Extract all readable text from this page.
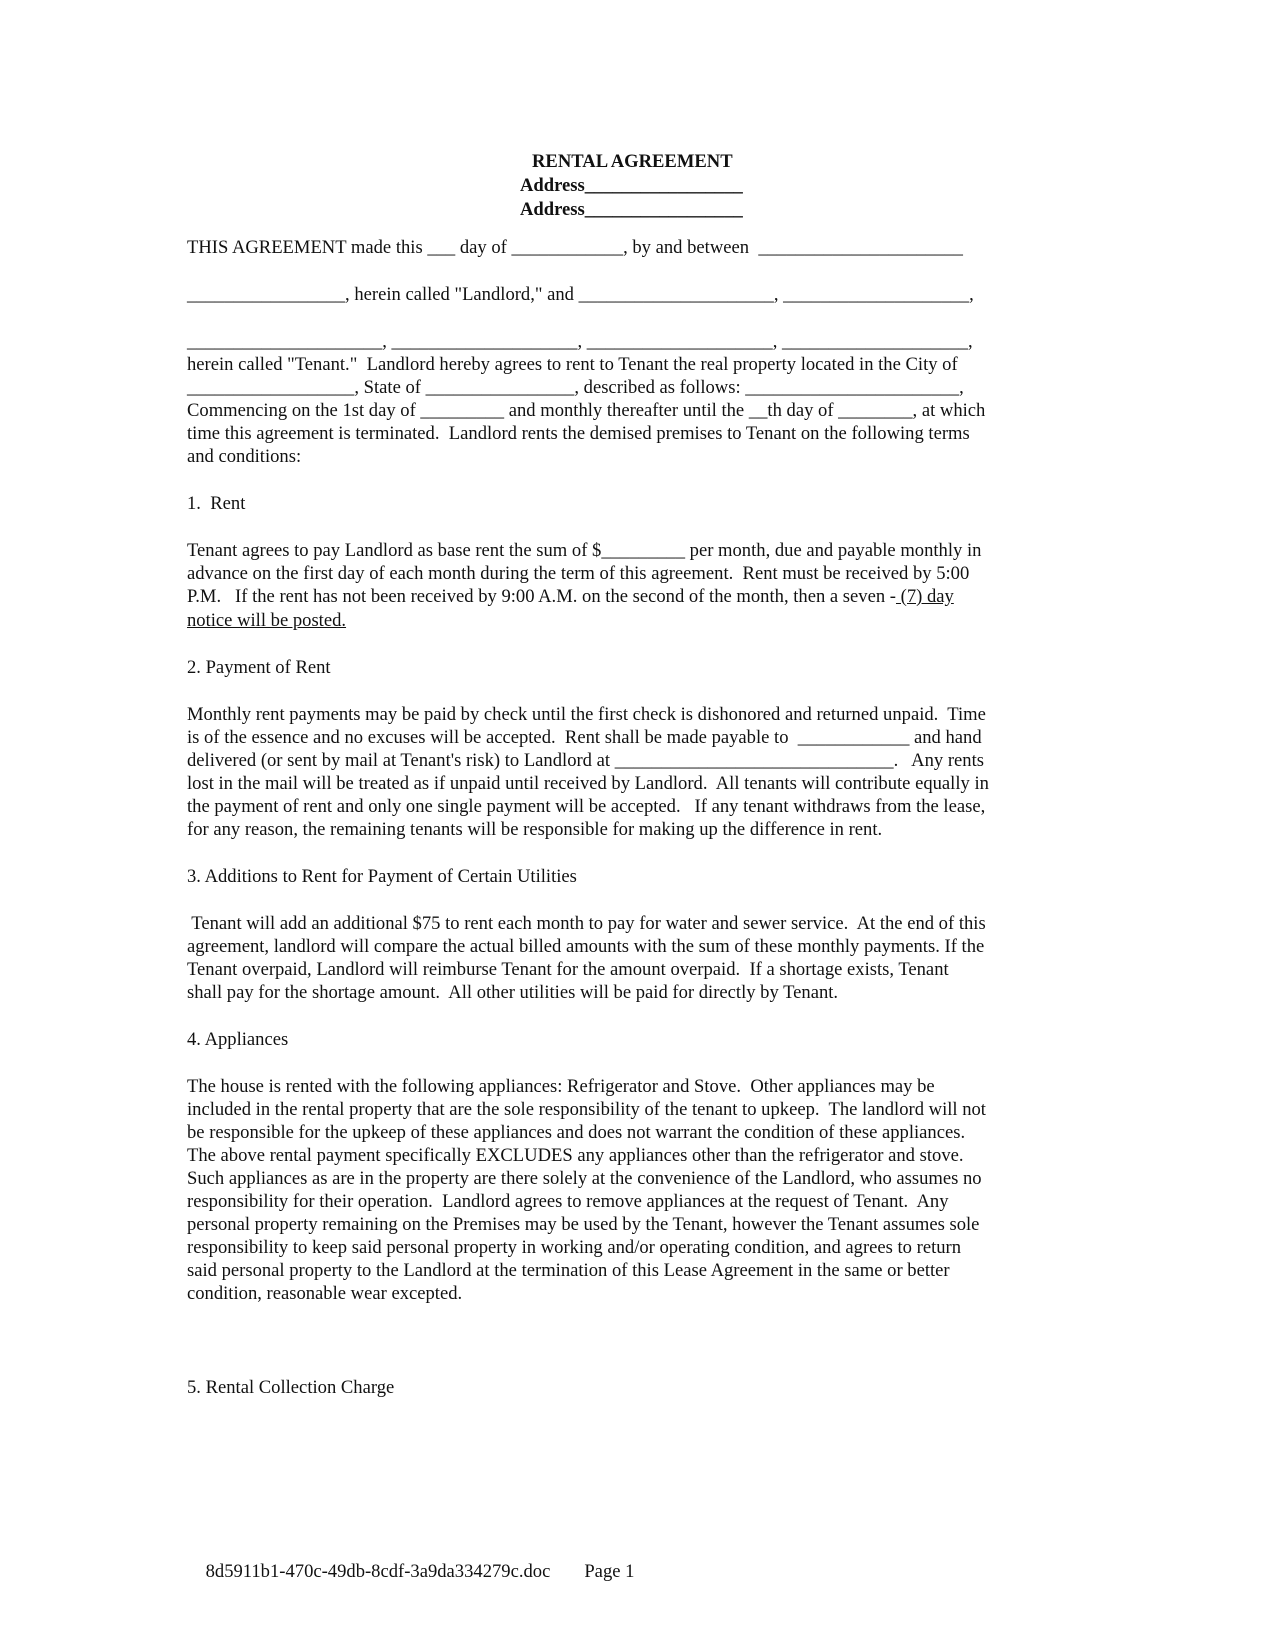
RENTAL AGREEMENT
Address_________________
Address_________________
THIS AGREEMENT made this ___ day of ____________, by and between  ______________________
_________________, herein called "Landlord," and _____________________, ____________________,
_____________________, ____________________, ____________________, ____________________,
herein called "Tenant."  Landlord hereby agrees to rent to Tenant the real property located in the City of
__________________, State of ________________, described as follows: _______________________,
Commencing on the 1st day of _________ and monthly thereafter until the __th day of ________, at which
time this agreement is terminated.  Landlord rents the demised premises to Tenant on the following terms
and conditions:
1.  Rent
Tenant agrees to pay Landlord as base rent the sum of $_________ per month, due and payable monthly in
advance on the first day of each month during the term of this agreement.  Rent must be received by 5:00
P.M.   If the rent has not been received by 9:00 A.M. on the second of the month, then a seven - (7) day
notice will be posted.
2. Payment of Rent
Monthly rent payments may be paid by check until the first check is dishonored and returned unpaid.  Time
is of the essence and no excuses will be accepted.  Rent shall be made payable to  ____________ and hand
delivered (or sent by mail at Tenant's risk) to Landlord at ______________________________.   Any rents
lost in the mail will be treated as if unpaid until received by Landlord.  All tenants will contribute equally in
the payment of rent and only one single payment will be accepted.   If any tenant withdraws from the lease,
for any reason, the remaining tenants will be responsible for making up the difference in rent.
3. Additions to Rent for Payment of Certain Utilities
Tenant will add an additional $75 to rent each month to pay for water and sewer service.  At the end of this
agreement, landlord will compare the actual billed amounts with the sum of these monthly payments. If the
Tenant overpaid, Landlord will reimburse Tenant for the amount overpaid.  If a shortage exists, Tenant
shall pay for the shortage amount.  All other utilities will be paid for directly by Tenant.
4. Appliances
The house is rented with the following appliances: Refrigerator and Stove.  Other appliances may be
included in the rental property that are the sole responsibility of the tenant to upkeep.  The landlord will not
be responsible for the upkeep of these appliances and does not warrant the condition of these appliances.
The above rental payment specifically EXCLUDES any appliances other than the refrigerator and stove.
Such appliances as are in the property are there solely at the convenience of the Landlord, who assumes no
responsibility for their operation.  Landlord agrees to remove appliances at the request of Tenant.  Any
personal property remaining on the Premises may be used by the Tenant, however the Tenant assumes sole
responsibility to keep said personal property in working and/or operating condition, and agrees to return
said personal property to the Landlord at the termination of this Lease Agreement in the same or better
condition, reasonable wear excepted.
5. Rental Collection Charge

8d5911b1-470c-49db-8cdf-3a9da334279c.doc Page 1
